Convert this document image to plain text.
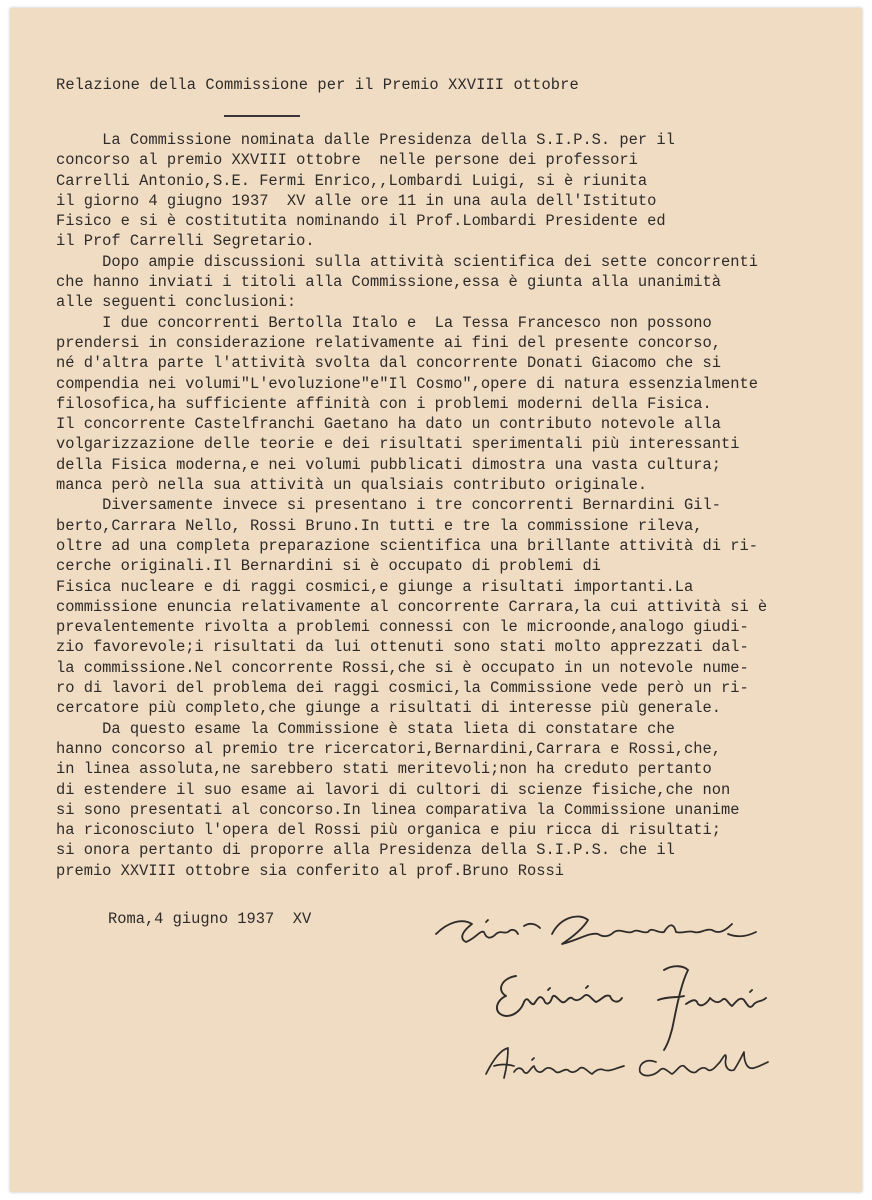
Relazione della Commissione per il Premio XXVIII ottobre
La Commissione nominata dalle Presidenza della S.I.P.S. per il
concorso al premio XXVIII ottobre  nelle persone dei professori
Carrelli Antonio,S.E. Fermi Enrico,,Lombardi Luigi, si è riunita
il giorno 4 giugno 1937  XV alle ore 11 in una aula dell'Istituto
Fisico e si è costitutita nominando il Prof.Lombardi Presidente ed
il Prof Carrelli Segretario.
Dopo ampie discussioni sulla attività scientifica dei sette concorrenti
che hanno inviati i titoli alla Commissione,essa è giunta alla unanimità
alle seguenti conclusioni:
I due concorrenti Bertolla Italo e  La Tessa Francesco non possono
prendersi in considerazione relativamente ai fini del presente concorso,
né d'altra parte l'attività svolta dal concorrente Donati Giacomo che si
compendia nei volumi"L'evoluzione"e"Il Cosmo",opere di natura essenzialmente
filosofica,ha sufficiente affinità con i problemi moderni della Fisica.
Il concorrente Castelfranchi Gaetano ha dato un contributo notevole alla
volgarizzazione delle teorie e dei risultati sperimentali più interessanti
della Fisica moderna,e nei volumi pubblicati dimostra una vasta cultura;
manca però nella sua attività un qualsiais contributo originale.
Diversamente invece si presentano i tre concorrenti Bernardini Gil-
berto,Carrara Nello, Rossi Bruno.In tutti e tre la commissione rileva,
oltre ad una completa preparazione scientifica una brillante attività di ri-
cerche originali.Il Bernardini si è occupato di problemi di
Fisica nucleare e di raggi cosmici,e giunge a risultati importanti.La
commissione enuncia relativamente al concorrente Carrara,la cui attività si è
prevalentemente rivolta a problemi connessi con le microonde,analogo giudi-
zio favorevole;i risultati da lui ottenuti sono stati molto apprezzati dal-
la commissione.Nel concorrente Rossi,che si è occupato in un notevole nume-
ro di lavori del problema dei raggi cosmici,la Commissione vede però un ri-
cercatore più completo,che giunge a risultati di interesse più generale.
Da questo esame la Commissione è stata lieta di constatare che
hanno concorso al premio tre ricercatori,Bernardini,Carrara e Rossi,che,
in linea assoluta,ne sarebbero stati meritevoli;non ha creduto pertanto
di estendere il suo esame ai lavori di cultori di scienze fisiche,che non
si sono presentati al concorso.In linea comparativa la Commissione unanime
ha riconosciuto l'opera del Rossi più organica e piu ricca di risultati;
si onora pertanto di proporre alla Presidenza della S.I.P.S. che il
premio XXVIII ottobre sia conferito al prof.Bruno Rossi
Roma,4 giugno 1937  XV
